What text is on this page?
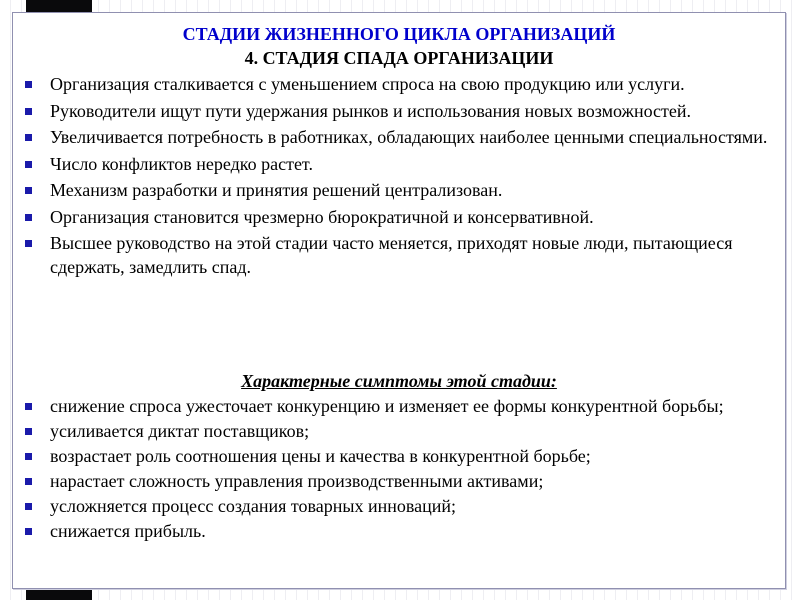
СТАДИИ ЖИЗНЕННОГО ЦИКЛА ОРГАНИЗАЦИЙ
4. СТАДИЯ СПАДА ОРГАНИЗАЦИИ
Организация сталкивается с уменьшением спроса на свою продукцию или услуги.
Руководители ищут пути удержания рынков и использования новых возможностей.
Увеличивается потребность в работниках, обладающих наиболее ценными специальностями.
Число конфликтов нередко растет.
Механизм разработки и принятия решений централизован.
Организация становится чрезмерно бюрократичной и консервативной.
Высшее руководство на этой стадии часто меняется, приходят новые люди, пытающиеся сдержать, замедлить спад.
Характерные симптомы этой стадии:
снижение спроса ужесточает конкуренцию и изменяет ее формы конкурентной борьбы;
усиливается диктат поставщиков;
возрастает роль соотношения цены и качества в конкурентной борьбе;
нарастает сложность управления производственными активами;
усложняется процесс создания товарных инноваций;
снижается прибыль.
